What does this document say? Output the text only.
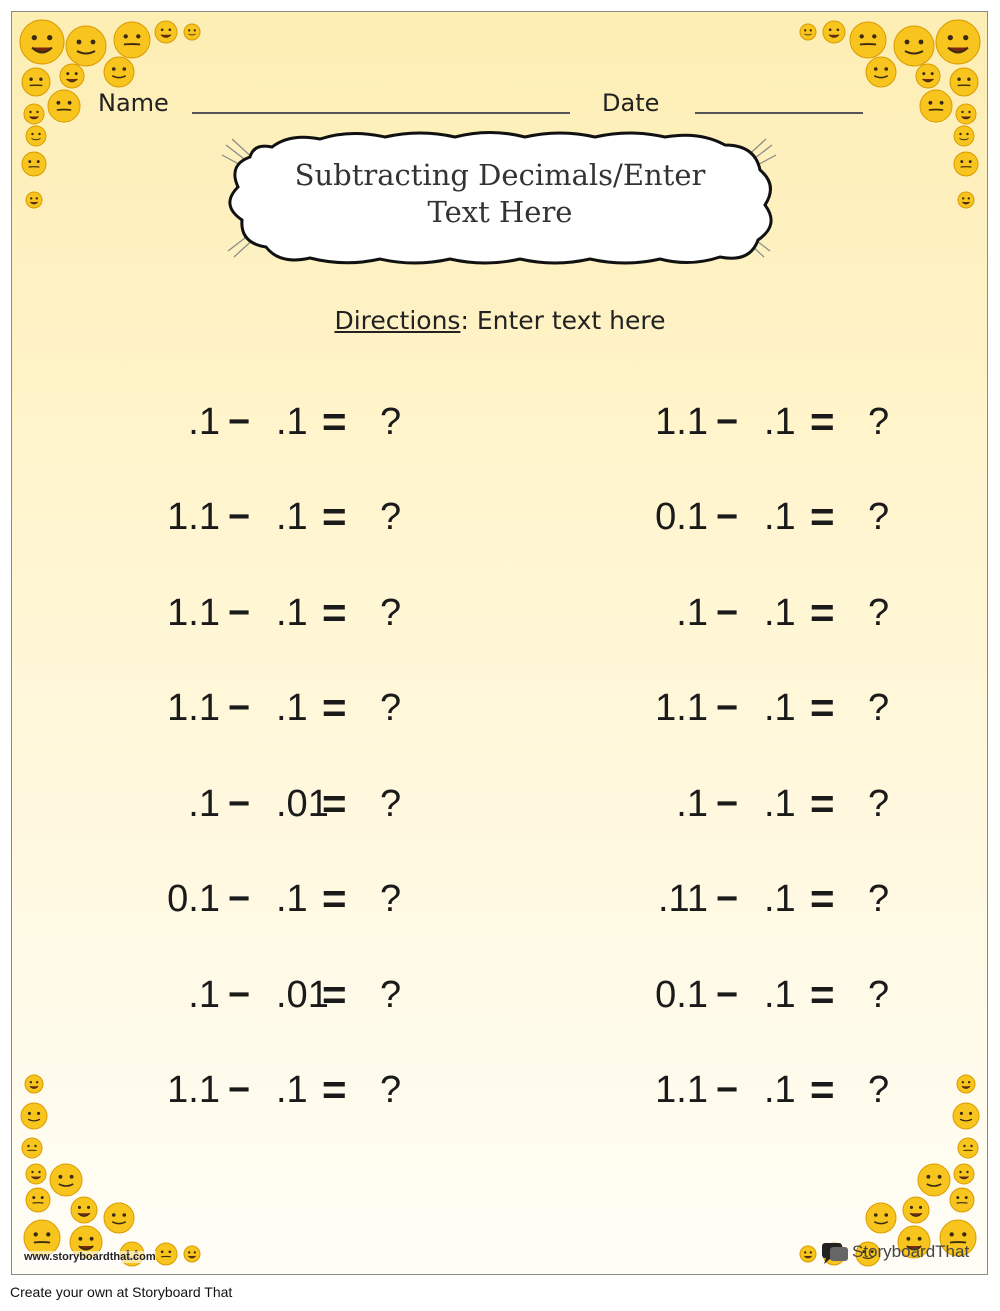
Name	Date
Subtracting Decimals/Enter
Text Here
Directions: Enter text here
.1 − .1 = ?
1.1 − .1 = ?
1.1 − .1 = ?
1.1 − .1 = ?
.1 − .01
= ?
0.1 − .1 = ?
.1 − .01
= ?
1.1 − .1 = ?
1.1 − .1 = ?
0.1 − .1 = ?
.1 − .1 = ?
1.1 − .1 = ?
.1 − .1 = ?
.11 − .1 = ?
0.1 − .1 = ?
1.1 − .1 = ?
www.storyboardthat.com	StoryboardThat
Create your own at Storyboard That
